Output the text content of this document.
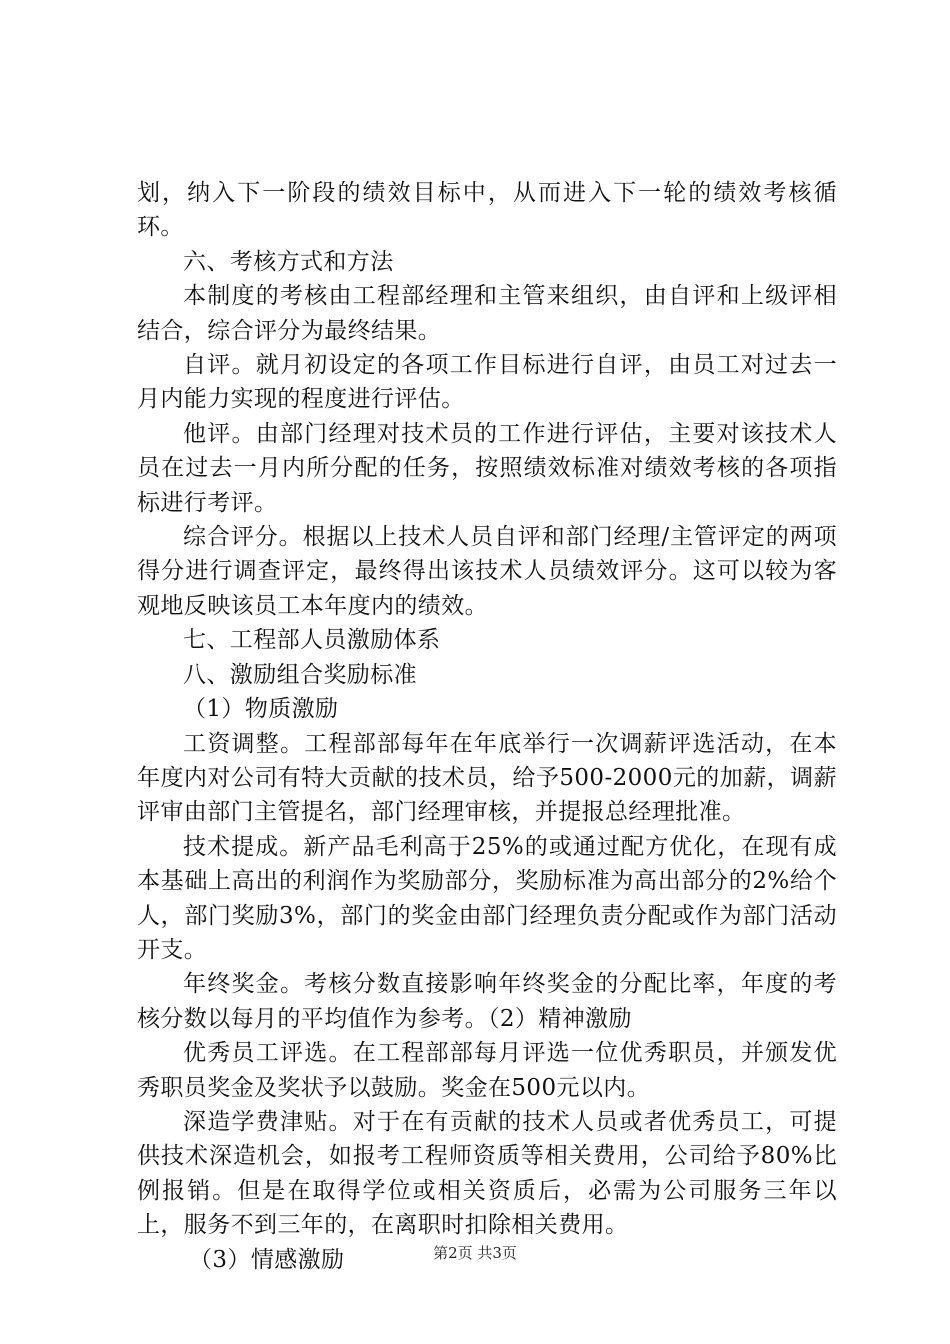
划，纳入下一阶段的绩效目标中，从而进入下一轮的绩效考核循环。

六、考核方式和方法

本制度的考核由工程部经理和主管来组织，由自评和上级评相结合，综合评分为最终结果。

自评。就月初设定的各项工作目标进行自评，由员工对过去一月内能力实现的程度进行评估。

他评。由部门经理对技术员的工作进行评估，主要对该技术人员在过去一月内所分配的任务，按照绩效标准对绩效考核的各项指标进行考评。

综合评分。根据以上技术人员自评和部门经理/主管评定的两项得分进行调查评定，最终得出该技术人员绩效评分。这可以较为客观地反映该员工本年度内的绩效。

七、工程部人员激励体系

八、激励组合奖励标准

（1）物质激励

工资调整。工程部部每年在年底举行一次调薪评选活动，在本年度内对公司有特大贡献的技术员，给予500-2000元的加薪，调薪评审由部门主管提名，部门经理审核，并提报总经理批准。

技术提成。新产品毛利高于25%的或通过配方优化，在现有成本基础上高出的利润作为奖励部分，奖励标准为高出部分的2%给个人，部门奖励3%，部门的奖金由部门经理负责分配或作为部门活动开支。

年终奖金。考核分数直接影响年终奖金的分配比率，年度的考核分数以每月的平均值作为参考。（2）精神激励

优秀员工评选。在工程部部每月评选一位优秀职员，并颁发优秀职员奖金及奖状予以鼓励。奖金在500元以内。

深造学费津贴。对于在有贡献的技术人员或者优秀员工，可提供技术深造机会，如报考工程师资质等相关费用，公司给予80%比例报销。但是在取得学位或相关资质后，必需为公司服务三年以上，服务不到三年的，在离职时扣除相关费用。

（3）情感激励	第2页 共3页
